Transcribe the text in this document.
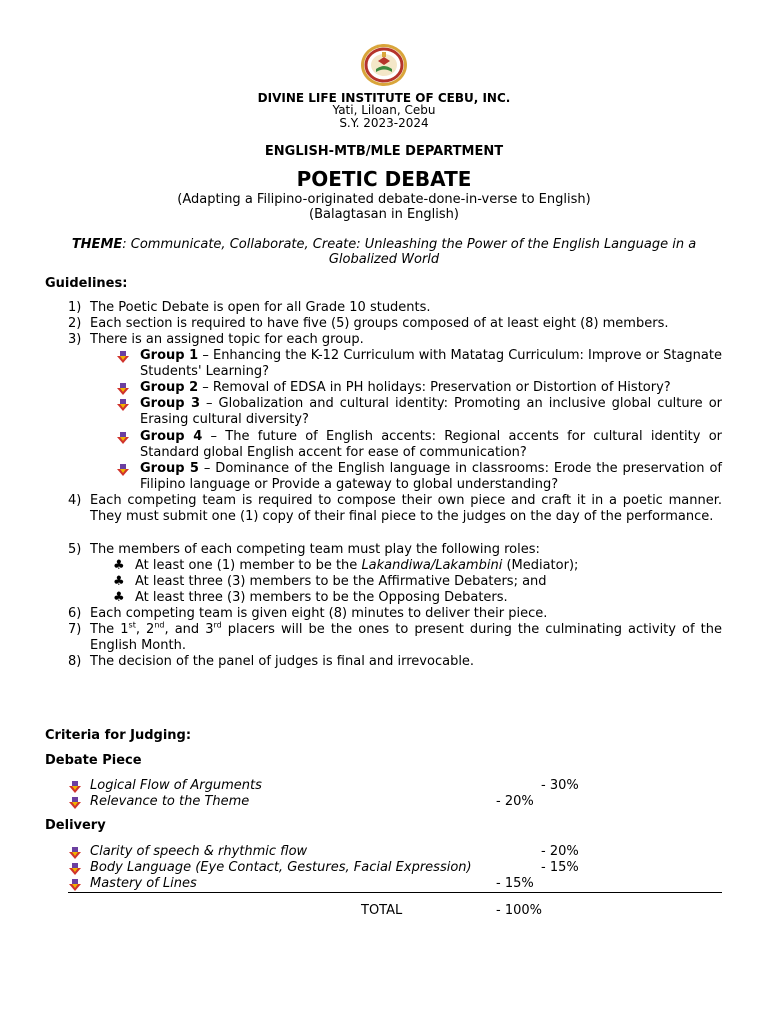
DIVINE LIFE INSTITUTE OF CEBU, INC.
Yati, Liloan, Cebu
S.Y. 2023-2024
ENGLISH-MTB/MLE DEPARTMENT
POETIC DEBATE
(Adapting a Filipino-originated debate-done-in-verse to English)
(Balagtasan in English)
THEME: Communicate, Collaborate, Create: Unleashing the Power of the English Language in a
Globalized World
Guidelines:
1) The Poetic Debate is open for all Grade 10 students.
2) Each section is required to have five (5) groups composed of at least eight (8) members.
3) There is an assigned topic for each group.
Group 1 – Enhancing the K-12 Curriculum with Matatag Curriculum: Improve or Stagnate Students' Learning?
Group 2 – Removal of EDSA in PH holidays: Preservation or Distortion of History?
Group 3 – Globalization and cultural identity: Promoting an inclusive global culture or Erasing cultural diversity?
Group 4 – The future of English accents: Regional accents for cultural identity or Standard global English accent for ease of communication?
Group 5 – Dominance of the English language in classrooms: Erode the preservation of Filipino language or Provide a gateway to global understanding?
4) Each competing team is required to compose their own piece and craft it in a poetic manner. They must submit one (1) copy of their final piece to the judges on the day of the performance.
5) The members of each competing team must play the following roles:
♣ At least one (1) member to be the Lakandiwa/Lakambini (Mediator);
♣ At least three (3) members to be the Affirmative Debaters; and
♣ At least three (3) members to be the Opposing Debaters.
6) Each competing team is given eight (8) minutes to deliver their piece.
7) The 1st, 2nd, and 3rd placers will be the ones to present during the culminating activity of the English Month.
8) The decision of the panel of judges is final and irrevocable.
Criteria for Judging:
Debate Piece
Logical Flow of Arguments	- 30%
Relevance to the Theme	- 20%
Delivery
Clarity of speech & rhythmic flow	- 20%
Body Language (Eye Contact, Gestures, Facial Expression)	- 15%
Mastery of Lines	- 15%
TOTAL	- 100%
